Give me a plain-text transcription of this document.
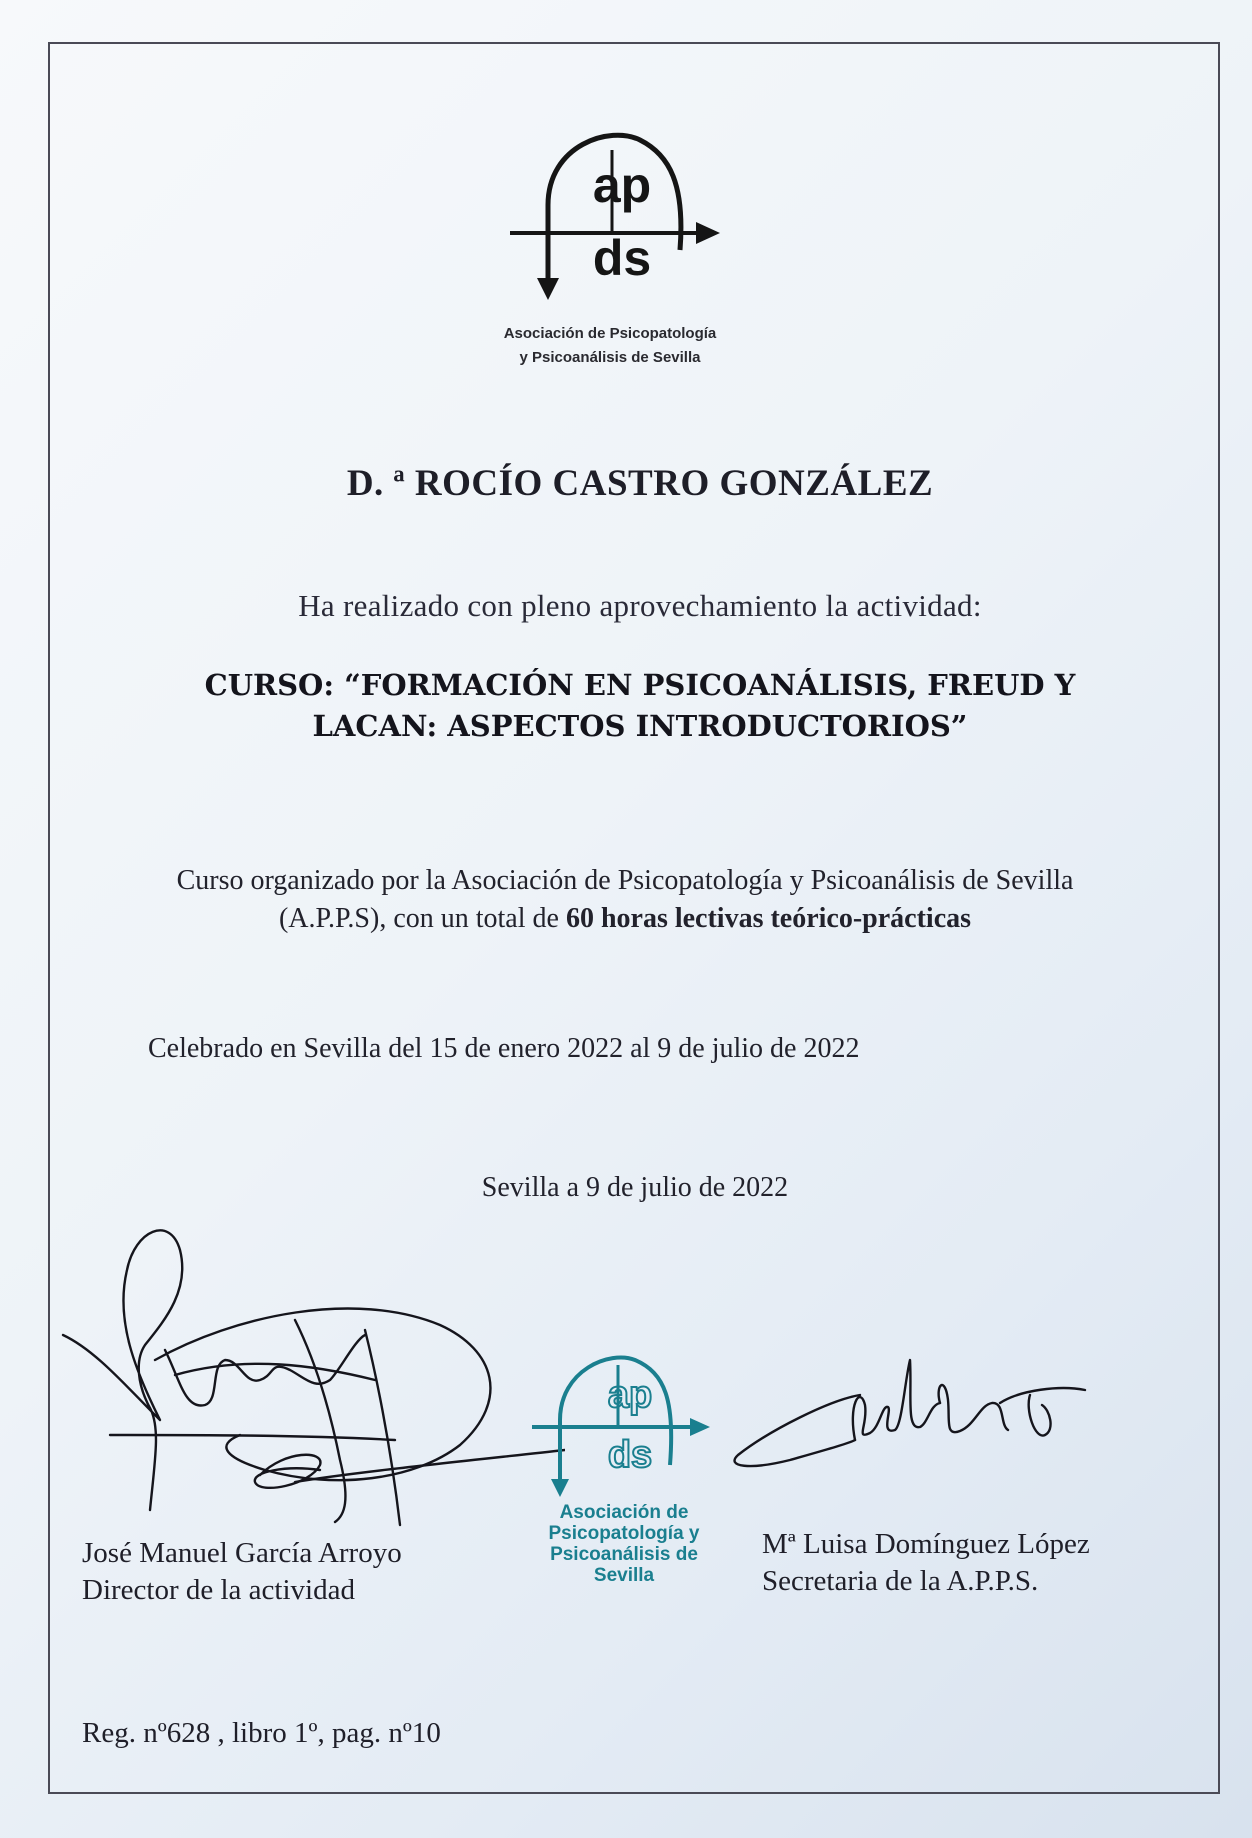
ap
ds
Asociación de Psicopatología
y Psicoanálisis de Sevilla
D. ª ROCÍO CASTRO GONZÁLEZ
Ha realizado con pleno aprovechamiento la actividad:
CURSO: “FORMACIÓN EN PSICOANÁLISIS, FREUD Y
LACAN: ASPECTOS INTRODUCTORIOS”
Curso organizado por la Asociación de Psicopatología y Psicoanálisis de Sevilla
(A.P.P.S), con un total de 60 horas lectivas teórico-prácticas
Celebrado en Sevilla del 15 de enero 2022 al 9 de julio de 2022
Sevilla a 9 de julio de 2022
ap
ds
Asociación de
Psicopatología y
Psicoanálisis de
Sevilla
José Manuel García Arroyo
Director de la actividad
Mª Luisa Domínguez López
Secretaria de la A.P.P.S.
Reg. nº628 , libro 1º, pag. nº10
